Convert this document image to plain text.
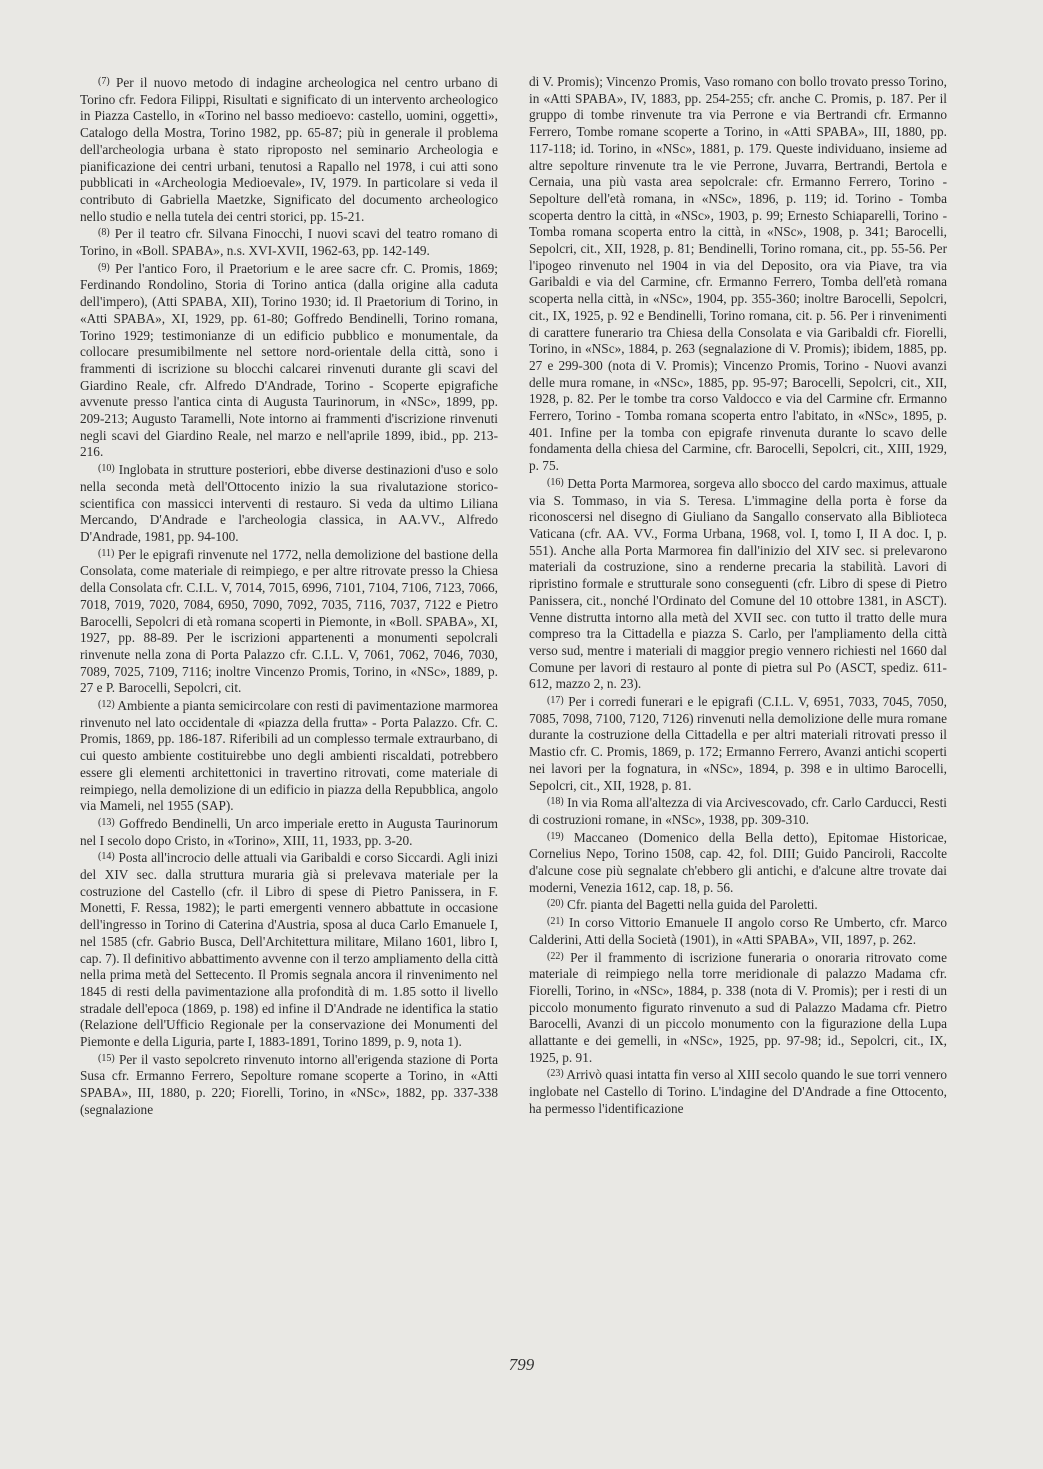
$^{(7)}$ Per il nuovo metodo di indagine archeologica nel centro urbano di Torino cfr. Fedora Filippi, Risultati e significato di un intervento archeologico in Piazza Castello, in «Torino nel basso medioevo: castello, uomini, oggetti», Catalogo della Mostra, Torino 1982, pp. 65-87; più in generale il problema dell'archeologia urbana è stato riproposto nel seminario Archeologia e pianificazione dei centri urbani, tenutosi a Rapallo nel 1978, i cui atti sono pubblicati in «Archeologia Medioevale», IV, 1979. In particolare si veda il contributo di Gabriella Maetzke, Significato del documento archeologico nello studio e nella tutela dei centri storici, pp. 15-21.

$^{(8)}$ Per il teatro cfr. Silvana Finocchi, I nuovi scavi del teatro romano di Torino, in «Boll. SPABA», n.s. XVI-XVII, 1962-63, pp. 142-149.

$^{(9)}$ Per l'antico Foro, il Praetorium e le aree sacre cfr. C. Promis, 1869; Ferdinando Rondolino, Storia di Torino antica (dalla origine alla caduta dell'impero), (Atti SPABA, XII), Torino 1930; id. Il Praetorium di Torino, in «Atti SPABA», XI, 1929, pp. 61-80; Goffredo Bendinelli, Torino romana, Torino 1929; testimonianze di un edificio pubblico e monumentale, da collocare presumibilmente nel settore nord-orientale della città, sono i frammenti di iscrizione su blocchi calcarei rinvenuti durante gli scavi del Giardino Reale, cfr. Alfredo D'Andrade, Torino - Scoperte epigrafiche avvenute presso l'antica cinta di Augusta Taurinorum, in «NSc», 1899, pp. 209-213; Augusto Taramelli, Note intorno ai frammenti d'iscrizione rinvenuti negli scavi del Giardino Reale, nel marzo e nell'aprile 1899, ibid., pp. 213-216.

$^{(10)}$ Inglobata in strutture posteriori, ebbe diverse destinazioni d'uso e solo nella seconda metà dell'Ottocento inizio la sua rivalutazione storico-scientifica con massicci interventi di restauro. Si veda da ultimo Liliana Mercando, D'Andrade e l'archeologia classica, in AA.VV., Alfredo D'Andrade, 1981, pp. 94-100.

$^{(11)}$ Per le epigrafi rinvenute nel 1772, nella demolizione del bastione della Consolata, come materiale di reimpiego, e per altre ritrovate presso la Chiesa della Consolata cfr. C.I.L. V, 7014, 7015, 6996, 7101, 7104, 7106, 7123, 7066, 7018, 7019, 7020, 7084, 6950, 7090, 7092, 7035, 7116, 7037, 7122 e Pietro Barocelli, Sepolcri di età romana scoperti in Piemonte, in «Boll. SPABA», XI, 1927, pp. 88-89. Per le iscrizioni appartenenti a monumenti sepolcrali rinvenute nella zona di Porta Palazzo cfr. C.I.L. V, 7061, 7062, 7046, 7030, 7089, 7025, 7109, 7116; inoltre Vincenzo Promis, Torino, in «NSc», 1889, p. 27 e P. Barocelli, Sepolcri, cit.

$^{(12)}$ Ambiente a pianta semicircolare con resti di pavimentazione marmorea rinvenuto nel lato occidentale di «piazza della frutta» - Porta Palazzo. Cfr. C. Promis, 1869, pp. 186-187. Riferibili ad un complesso termale extraurbano, di cui questo ambiente costituirebbe uno degli ambienti riscaldati, potrebbero essere gli elementi architettonici in travertino ritrovati, come materiale di reimpiego, nella demolizione di un edificio in piazza della Repubblica, angolo via Mameli, nel 1955 (SAP).

$^{(13)}$ Goffredo Bendinelli, Un arco imperiale eretto in Augusta Taurinorum nel I secolo dopo Cristo, in «Torino», XIII, 11, 1933, pp. 3-20.

$^{(14)}$ Posta all'incrocio delle attuali via Garibaldi e corso Siccardi. Agli inizi del XIV sec. dalla struttura muraria già si prelevava materiale per la costruzione del Castello (cfr. il Libro di spese di Pietro Panissera, in F. Monetti, F. Ressa, 1982); le parti emergenti vennero abbattute in occasione dell'ingresso in Torino di Caterina d'Austria, sposa al duca Carlo Emanuele I, nel 1585 (cfr. Gabrio Busca, Dell'Architettura militare, Milano 1601, libro I, cap. 7). Il definitivo abbattimento avvenne con il terzo ampliamento della città nella prima metà del Settecento. Il Promis segnala ancora il rinvenimento nel 1845 di resti della pavimentazione alla profondità di m. 1.85 sotto il livello stradale dell'epoca (1869, p. 198) ed infine il D'Andrade ne identifica la statio (Relazione dell'Ufficio Regionale per la conservazione dei Monumenti del Piemonte e della Liguria, parte I, 1883-1891, Torino 1899, p. 9, nota 1).

$^{(15)}$ Per il vasto sepolcreto rinvenuto intorno all'erigenda stazione di Porta Susa cfr. Ermanno Ferrero, Sepolture romane scoperte a Torino, in «Atti SPABA», III, 1880, p. 220; Fiorelli, Torino, in «NSc», 1882, pp. 337-338 (segnalazione

di V. Promis); Vincenzo Promis, Vaso romano con bollo trovato presso Torino, in «Atti SPABA», IV, 1883, pp. 254-255; cfr. anche C. Promis, p. 187. Per il gruppo di tombe rinvenute tra via Perrone e via Bertrandi cfr. Ermanno Ferrero, Tombe romane scoperte a Torino, in «Atti SPABA», III, 1880, pp. 117-118; id. Torino, in «NSc», 1881, p. 179. Queste individuano, insieme ad altre sepolture rinvenute tra le vie Perrone, Juvarra, Bertrandi, Bertola e Cernaia, una più vasta area sepolcrale: cfr. Ermanno Ferrero, Torino - Sepolture dell'età romana, in «NSc», 1896, p. 119; id. Torino - Tomba scoperta dentro la città, in «NSc», 1903, p. 99; Ernesto Schiaparelli, Torino - Tomba romana scoperta entro la città, in «NSc», 1908, p. 341; Barocelli, Sepolcri, cit., XII, 1928, p. 81; Bendinelli, Torino romana, cit., pp. 55-56. Per l'ipogeo rinvenuto nel 1904 in via del Deposito, ora via Piave, tra via Garibaldi e via del Carmine, cfr. Ermanno Ferrero, Tomba dell'età romana scoperta nella città, in «NSc», 1904, pp. 355-360; inoltre Barocelli, Sepolcri, cit., IX, 1925, p. 92 e Bendinelli, Torino romana, cit. p. 56. Per i rinvenimenti di carattere funerario tra Chiesa della Consolata e via Garibaldi cfr. Fiorelli, Torino, in «NSc», 1884, p. 263 (segnalazione di V. Promis); ibidem, 1885, pp. 27 e 299-300 (nota di V. Promis); Vincenzo Promis, Torino - Nuovi avanzi delle mura romane, in «NSc», 1885, pp. 95-97; Barocelli, Sepolcri, cit., XII, 1928, p. 82. Per le tombe tra corso Valdocco e via del Carmine cfr. Ermanno Ferrero, Torino - Tomba romana scoperta entro l'abitato, in «NSc», 1895, p. 401. Infine per la tomba con epigrafe rinvenuta durante lo scavo delle fondamenta della chiesa del Carmine, cfr. Barocelli, Sepolcri, cit., XIII, 1929, p. 75.

$^{(16)}$ Detta Porta Marmorea, sorgeva allo sbocco del cardo maximus, attuale via S. Tommaso, in via S. Teresa. L'immagine della porta è forse da riconoscersi nel disegno di Giuliano da Sangallo conservato alla Biblioteca Vaticana (cfr. AA. VV., Forma Urbana, 1968, vol. I, tomo I, II A doc. I, p. 551). Anche alla Porta Marmorea fin dall'inizio del XIV sec. si prelevarono materiali da costruzione, sino a renderne precaria la stabilità. Lavori di ripristino formale e strutturale sono conseguenti (cfr. Libro di spese di Pietro Panissera, cit., nonché l'Ordinato del Comune del 10 ottobre 1381, in ASCT). Venne distrutta intorno alla metà del XVII sec. con tutto il tratto delle mura compreso tra la Cittadella e piazza S. Carlo, per l'ampliamento della città verso sud, mentre i materiali di maggior pregio vennero richiesti nel 1660 dal Comune per lavori di restauro al ponte di pietra sul Po (ASCT, spediz. 611-612, mazzo 2, n. 23).

$^{(17)}$ Per i corredi funerari e le epigrafi (C.I.L. V, 6951, 7033, 7045, 7050, 7085, 7098, 7100, 7120, 7126) rinvenuti nella demolizione delle mura romane durante la costruzione della Cittadella e per altri materiali ritrovati presso il Mastio cfr. C. Promis, 1869, p. 172; Ermanno Ferrero, Avanzi antichi scoperti nei lavori per la fognatura, in «NSc», 1894, p. 398 e in ultimo Barocelli, Sepolcri, cit., XII, 1928, p. 81.

$^{(18)}$ In via Roma all'altezza di via Arcivescovado, cfr. Carlo Carducci, Resti di costruzioni romane, in «NSc», 1938, pp. 309-310.

$^{(19)}$ Maccaneo (Domenico della Bella detto), Epitomae Historicae, Cornelius Nepo, Torino 1508, cap. 42, fol. DIII; Guido Panciroli, Raccolte d'alcune cose più segnalate ch'ebbero gli antichi, e d'alcune altre trovate dai moderni, Venezia 1612, cap. 18, p. 56.

$^{(20)}$ Cfr. pianta del Bagetti nella guida del Paroletti.

$^{(21)}$ In corso Vittorio Emanuele II angolo corso Re Umberto, cfr. Marco Calderini, Atti della Società (1901), in «Atti SPABA», VII, 1897, p. 262.

$^{(22)}$ Per il frammento di iscrizione funeraria o onoraria ritrovato come materiale di reimpiego nella torre meridionale di palazzo Madama cfr. Fiorelli, Torino, in «NSc», 1884, p. 338 (nota di V. Promis); per i resti di un piccolo monumento figurato rinvenuto a sud di Palazzo Madama cfr. Pietro Barocelli, Avanzi di un piccolo monumento con la figurazione della Lupa allattante e dei gemelli, in «NSc», 1925, pp. 97-98; id., Sepolcri, cit., IX, 1925, p. 91.

$^{(23)}$ Arrivò quasi intatta fin verso al XIII secolo quando le sue torri vennero inglobate nel Castello di Torino. L'indagine del D'Andrade a fine Ottocento, ha permesso l'identificazione

799
